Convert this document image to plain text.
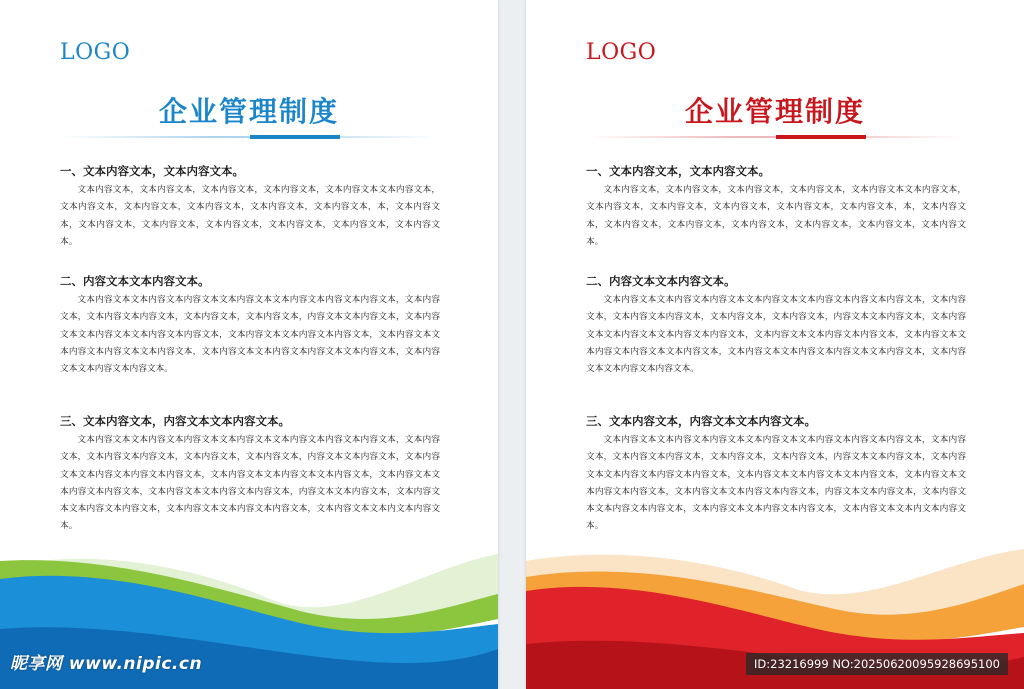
LOGO
企业管理制度

一、文本内容文本，文本内容文本。

文本内容文本，文本内容文本，文本内容文本，文本内容文本，文本内容文本文本内容文本，文本内容文本，文本内容文本，文本内容文本，文本内容文本，文本内容文本，本，文本内容文本，文本内容文本，文本内容文本，文本内容文本，文本内容文本，文本内容文本，文本内容文本。

二、内容文本文本内容文本。

文本内容文本文本内容文本内容文本文本内容文本文本内容文本内容文本内容文本，文本内容文本，文本内容文本内容文本，文本内容文本，文本内容文本，内容文本文本内容文本，文本内容文本文本内容文本文本内容文本内容文本，文本内容文本文本内容文本内容文本，文本内容文本文本内容文本内容文本文本内容文本，文本内容文本文本内容文本内容文本文本内容文本，文本内容文本文本内容文本内容文本。

三、文本内容文本，内容文本文本内容文本。

文本内容文本文本内容文本内容文本文本内容文本文本内容文本内容文本内容文本，文本内容文本，文本内容文本内容文本，文本内容文本，文本内容文本，内容文本文本内容文本，文本内容文本文本内容文本内容文本内容文本，文本内容文本文本内容文本文本内容文本，文本内容文本文本内容文本内容文本，文本内容文本文本内容文本内容文本，内容文本文本内容文本，文本内容文本文本内容文本内容文本，文本内容文本文本内容文本内容文本，文本内容文本文本内文本内容文本。

昵享网 www.nipic.cn
LOGO
企业管理制度

一、文本内容文本，文本内容文本。

文本内容文本，文本内容文本，文本内容文本，文本内容文本，文本内容文本文本内容文本，文本内容文本，文本内容文本，文本内容文本，文本内容文本，文本内容文本，本，文本内容文本，文本内容文本，文本内容文本，文本内容文本，文本内容文本，文本内容文本，文本内容文本。

二、内容文本文本内容文本。

文本内容文本文本内容文本内容文本文本内容文本文本内容文本内容文本内容文本，文本内容文本，文本内容文本内容文本，文本内容文本，文本内容文本，内容文本文本内容文本，文本内容文本文本内容文本文本内容文本内容文本，文本内容文本文本内容文本内容文本，文本内容文本文本内容文本内容文本文本内容文本，文本内容文本文本内容文本内容文本文本内容文本，文本内容文本文本内容文本内容文本。

三、文本内容文本，内容文本文本内容文本。

文本内容文本文本内容文本内容文本文本内容文本文本内容文本内容文本内容文本，文本内容文本，文本内容文本内容文本，文本内容文本，文本内容文本，内容文本文本内容文本，文本内容文本文本内容文本内容文本内容文本，文本内容文本文本内容文本文本内容文本，文本内容文本文本内容文本内容文本，文本内容文本文本内容文本内容文本，内容文本文本内容文本，文本内容文本文本内容文本内容文本，文本内容文本文本内容文本内容文本，文本内容文本文本内文本内容文本。

ID:23216999 NO:20250620095928695100
